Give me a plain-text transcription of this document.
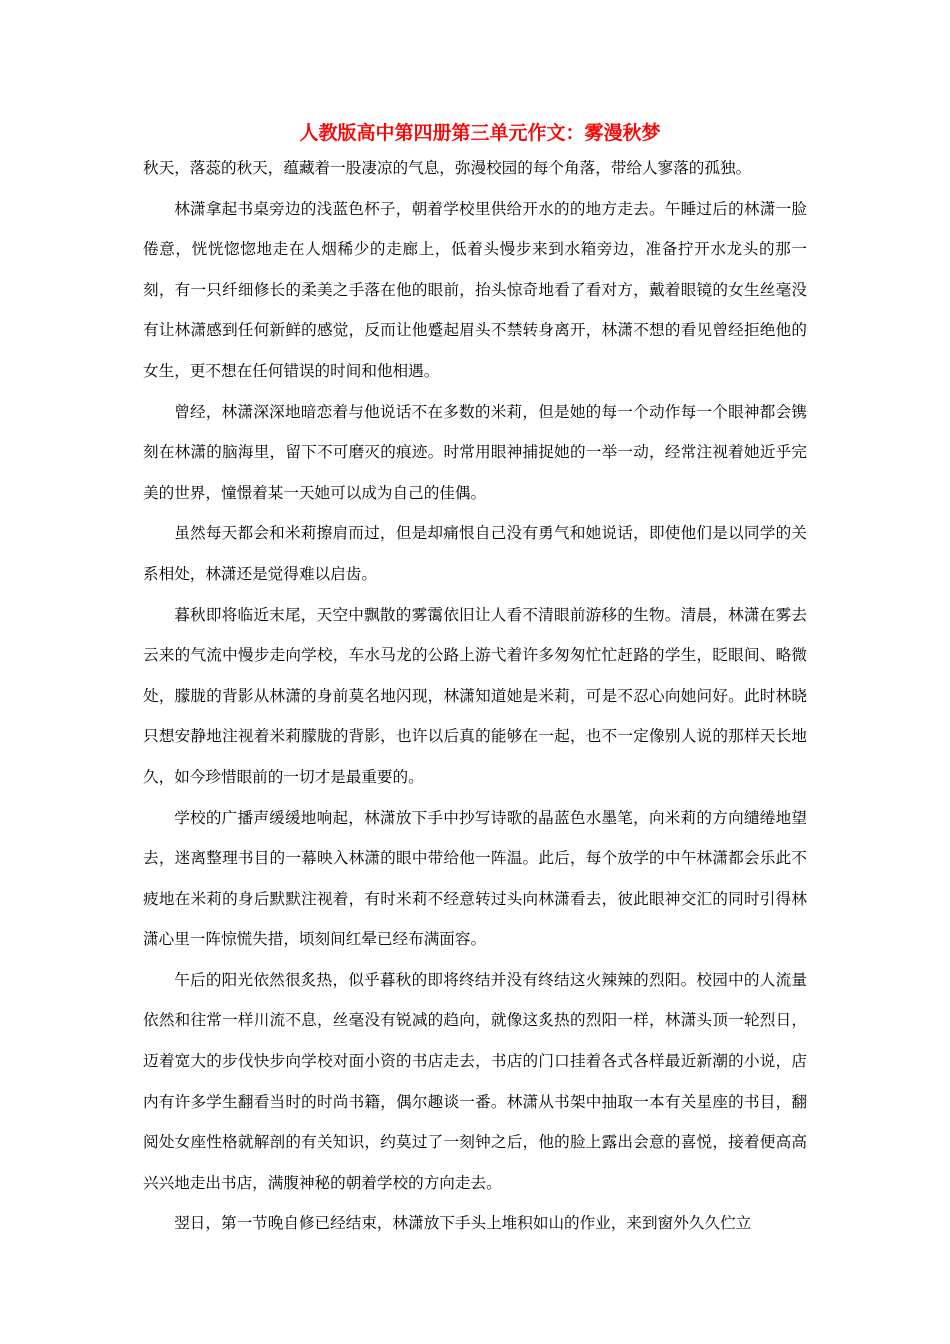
人教版高中第四册第三单元作文：雾漫秋梦

秋天，落蕊的秋天，蕴藏着一股凄凉的气息，弥漫校园的每个角落，带给人寥落的孤独。

林潇拿起书桌旁边的浅蓝色杯子，朝着学校里供给开水的的地方走去。午睡过后的林潇一脸倦意，恍恍惚惚地走在人烟稀少的走廊上，低着头慢步来到水箱旁边，准备拧开水龙头的那一刻，有一只纤细修长的柔美之手落在他的眼前，抬头惊奇地看了看对方，戴着眼镜的女生丝毫没有让林潇感到任何新鲜的感觉，反而让他蹙起眉头不禁转身离开，林潇不想的看见曾经拒绝他的女生，更不想在任何错误的时间和他相遇。

曾经，林潇深深地暗恋着与他说话不在多数的米莉，但是她的每一个动作每一个眼神都会镌刻在林潇的脑海里，留下不可磨灭的痕迹。时常用眼神捕捉她的一举一动，经常注视着她近乎完美的世界，憧憬着某一天她可以成为自己的佳偶。

虽然每天都会和米莉擦肩而过，但是却痛恨自己没有勇气和她说话，即使他们是以同学的关系相处，林潇还是觉得难以启齿。

暮秋即将临近末尾，天空中飘散的雾霭依旧让人看不清眼前游移的生物。清晨，林潇在雾去云来的气流中慢步走向学校，车水马龙的公路上游弋着许多匆匆忙忙赶路的学生，眨眼间、略微处，朦胧的背影从林潇的身前莫名地闪现，林潇知道她是米莉，可是不忍心向她问好。此时林晓只想安静地注视着米莉朦胧的背影，也许以后真的能够在一起，也不一定像别人说的那样天长地久，如今珍惜眼前的一切才是最重要的。

学校的广播声缓缓地响起，林潇放下手中抄写诗歌的晶蓝色水墨笔，向米莉的方向缱绻地望去，迷离整理书目的一幕映入林潇的眼中带给他一阵温。此后，每个放学的中午林潇都会乐此不疲地在米莉的身后默默注视着，有时米莉不经意转过头向林潇看去，彼此眼神交汇的同时引得林潇心里一阵惊慌失措，顷刻间红晕已经布满面容。

午后的阳光依然很炙热，似乎暮秋的即将终结并没有终结这火辣辣的烈阳。校园中的人流量依然和往常一样川流不息，丝毫没有锐减的趋向，就像这炙热的烈阳一样，林潇头顶一轮烈日，迈着宽大的步伐快步向学校对面小资的书店走去，书店的门口挂着各式各样最近新潮的小说，店内有许多学生翻看当时的时尚书籍，偶尔趣谈一番。林潇从书架中抽取一本有关星座的书目，翻阅处女座性格就解剖的有关知识，约莫过了一刻钟之后，他的脸上露出会意的喜悦，接着便高高兴兴地走出书店，满腹神秘的朝着学校的方向走去。

翌日，第一节晚自修已经结束，林潇放下手头上堆积如山的作业，来到窗外久久伫立
